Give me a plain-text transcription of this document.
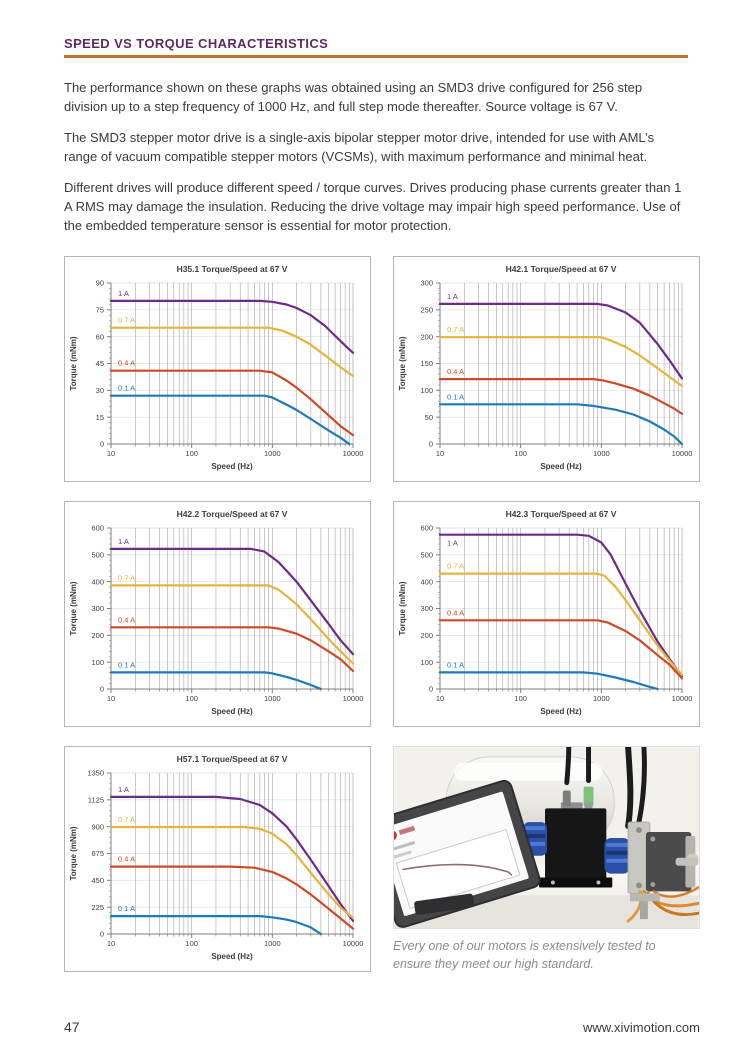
SPEED VS TORQUE CHARACTERISTICS

The performance shown on these graphs was obtained using an SMD3 drive configured for 256 step division up to a step frequency of 1000 Hz, and full step mode thereafter. Source voltage is 67 V.

The SMD3 stepper motor drive is a single-axis bipolar stepper motor drive, intended for use with AML’s range of vacuum compatible stepper motors (VCSMs), with maximum performance and minimal heat.

Different drives will produce different speed / torque curves. Drives producing phase currents greater than 1 A RMS may damage the insulation. Reducing the drive voltage may impair high speed performance. Use of the embedded temperature sensor is essential for motor protection.

0
15
30
45
60
75
90
10	100	1000	10000
H35.1 Torque/Speed at 67 V
Speed (Hz)
Torque (mNm)
1 A
0.7 A
0.4 A
0.1 A
0
50
100
150
200
250
300
10	100	1000	10000
H42.1 Torque/Speed at 67 V
Speed (Hz)
Torque (mNm)
1 A
0.7 A
0.4 A
0.1 A
0
100
200
300
400
500
600
10	100	1000	10000
H42.2 Torque/Speed at 67 V
Speed (Hz)
Torque (mNm)
1 A
0.7 A
0.4 A
0.1 A
0
100
200
300
400
500
600
10	100	1000	10000
H42.3 Torque/Speed at 67 V
Speed (Hz)
Torque (mNm)
1 A
0.7 A
0.4 A
0.1 A
0
225
450
675
900
1125
1350
10	100	1000	10000
H57.1 Torque/Speed at 67 V
Speed (Hz)
Torque (mNm)
1 A
0.7 A
0.4 A
0.1 A
Every one of our motors is extensively tested to ensure they meet our high standard.
47	www.xivimotion.com
